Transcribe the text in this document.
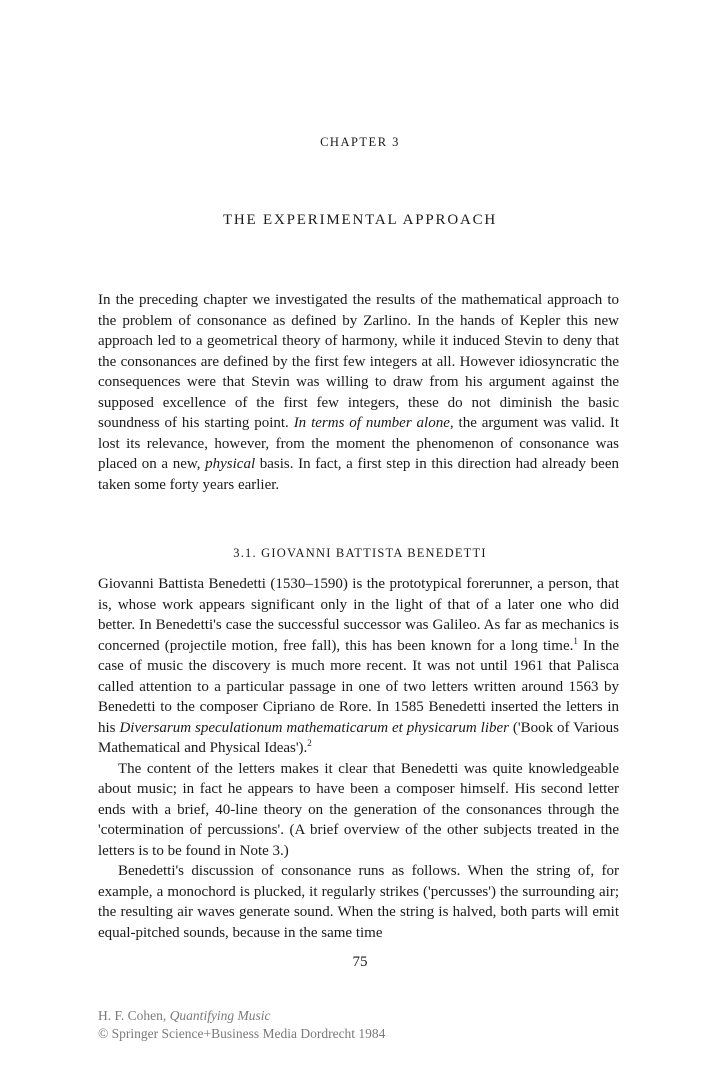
CHAPTER 3
THE EXPERIMENTAL APPROACH

In the preceding chapter we investigated the results of the mathematical approach to the problem of consonance as defined by Zarlino. In the hands of Kepler this new approach led to a geometrical theory of harmony, while it induced Stevin to deny that the consonances are defined by the first few integers at all. However idiosyncratic the consequences were that Stevin was willing to draw from his argument against the supposed excellence of the first few integers, these do not diminish the basic soundness of his starting point. In terms of number alone, the argument was valid. It lost its relevance, however, from the moment the phenomenon of consonance was placed on a new, physical basis. In fact, a first step in this direction had already been taken some forty years earlier.

3.1. GIOVANNI BATTISTA BENEDETTI

Giovanni Battista Benedetti (1530–1590) is the prototypical forerunner, a person, that is, whose work appears significant only in the light of that of a later one who did better. In Benedetti's case the successful successor was Galileo. As far as mechanics is concerned (projectile motion, free fall), this has been known for a long time.$^1$ In the case of music the discovery is much more recent. It was not until 1961 that Palisca called attention to a particular passage in one of two letters written around 1563 by Benedetti to the composer Cipriano de Rore. In 1585 Benedetti inserted the letters in his Diversarum speculationum mathematicarum et physicarum liber ('Book of Various Mathematical and Physical Ideas').$^2$

The content of the letters makes it clear that Benedetti was quite knowledgeable about music; in fact he appears to have been a composer himself. His second letter ends with a brief, 40-line theory on the generation of the consonances through the 'cotermination of percussions'. (A brief overview of the other subjects treated in the letters is to be found in Note 3.)

Benedetti's discussion of consonance runs as follows. When the string of, for example, a monochord is plucked, it regularly strikes ('percusses') the surrounding air; the resulting air waves generate sound. When the string is halved, both parts will emit equal-pitched sounds, because in the same time

75
H. F. Cohen, Quantifying Music
© Springer Science+Business Media Dordrecht 1984
